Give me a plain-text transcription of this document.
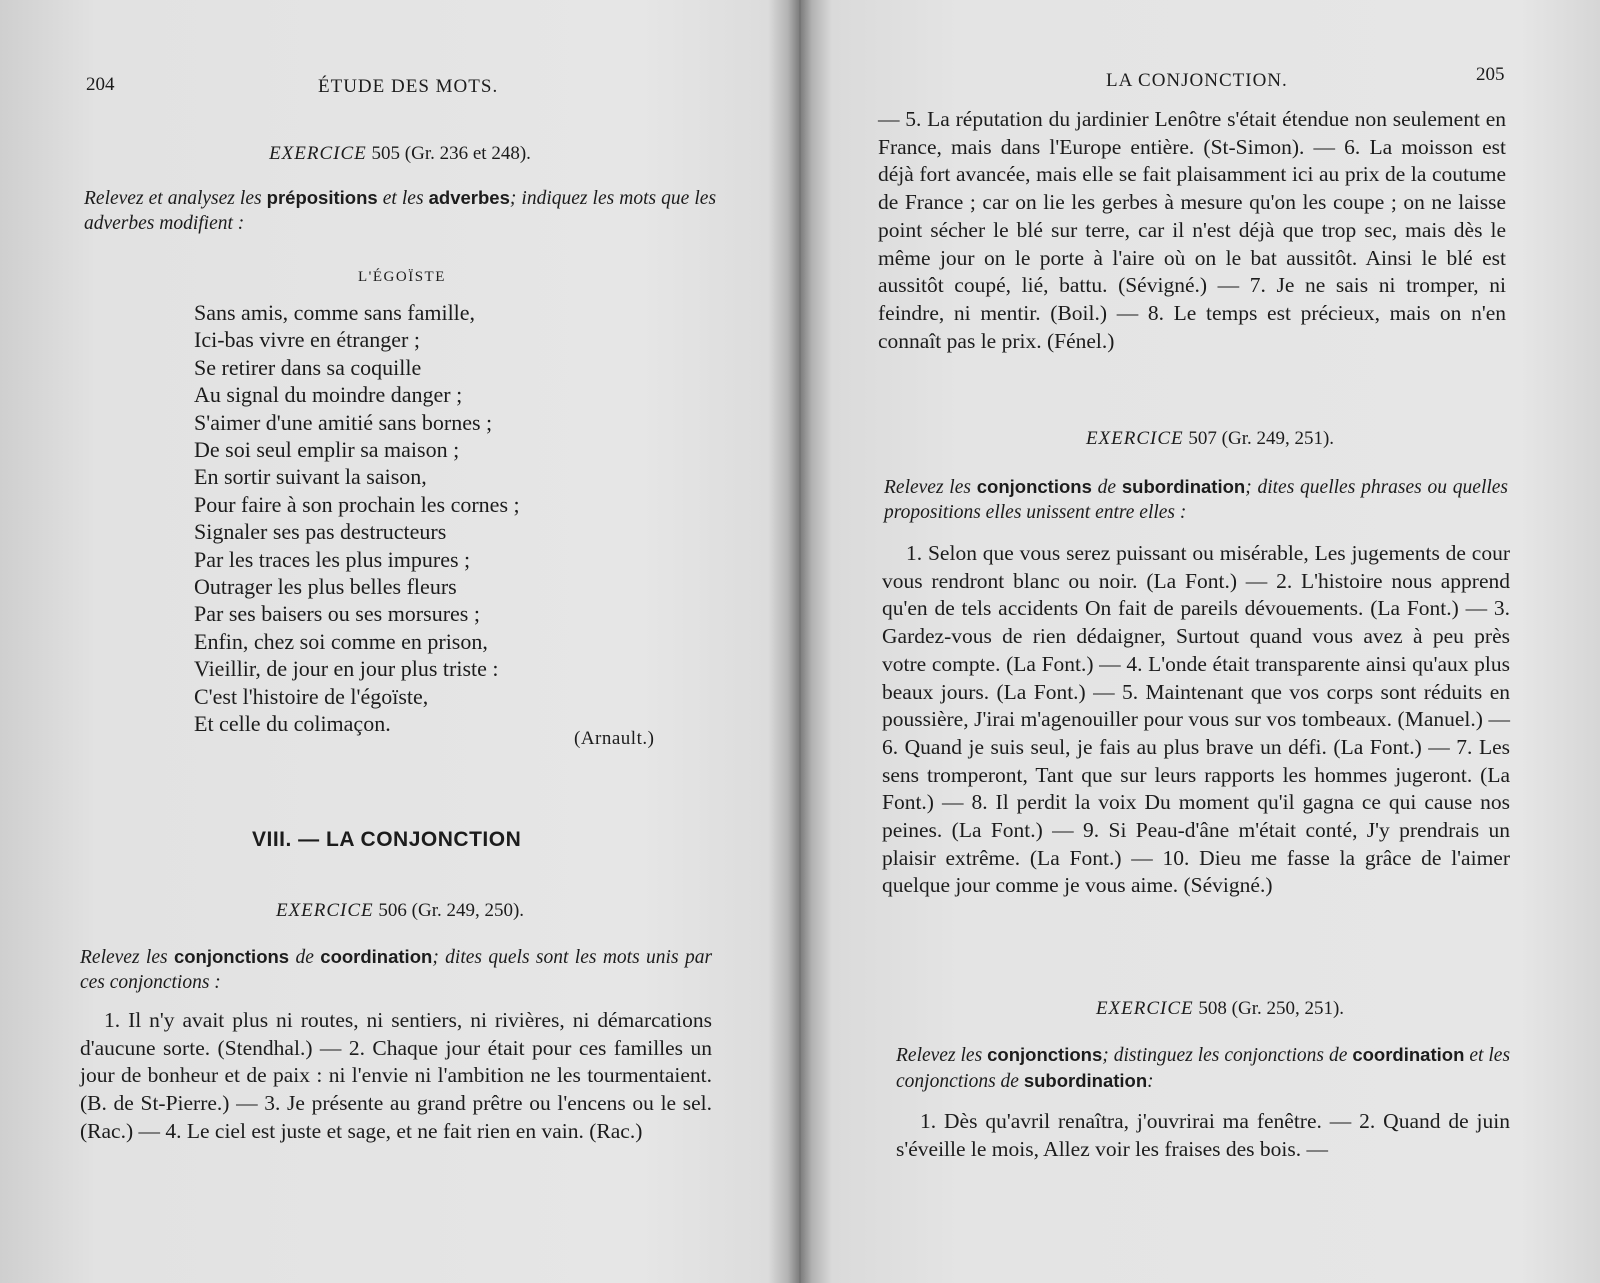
204	ÉTUDE DES MOTS.
EXERCICE 505 (Gr. 236 et 248).
Relevez et analysez les prépositions et les adverbes; indiquez les mots que les adverbes modifient :
L'ÉGOÏSTE
Sans amis, comme sans famille,
Ici-bas vivre en étranger ;
Se retirer dans sa coquille
Au signal du moindre danger ;
S'aimer d'une amitié sans bornes ;
De soi seul emplir sa maison ;
En sortir suivant la saison,
Pour faire à son prochain les cornes ;
Signaler ses pas destructeurs
Par les traces les plus impures ;
Outrager les plus belles fleurs
Par ses baisers ou ses morsures ;
Enfin, chez soi comme en prison,
Vieillir, de jour en jour plus triste :
C'est l'histoire de l'égoïste,
Et celle du colimaçon.
(Arnault.)
VIII. — LA CONJONCTION
EXERCICE 506 (Gr. 249, 250).
Relevez les conjonctions de coordination; dites quels sont les mots unis par ces conjonctions :
1. Il n'y avait plus ni routes, ni sentiers, ni rivières, ni démarcations d'aucune sorte. (Stendhal.) — 2. Chaque jour était pour ces familles un jour de bonheur et de paix : ni l'envie ni l'ambition ne les tourmentaient. (B. de St-Pierre.) — 3. Je présente au grand prêtre ou l'encens ou le sel. (Rac.) — 4. Le ciel est juste et sage, et ne fait rien en vain. (Rac.)
LA CONJONCTION.	205
— 5. La réputation du jardinier Lenôtre s'était étendue non seulement en France, mais dans l'Europe entière. (St-Simon). — 6. La moisson est déjà fort avancée, mais elle se fait plaisamment ici au prix de la coutume de France ; car on lie les gerbes à mesure qu'on les coupe ; on ne laisse point sécher le blé sur terre, car il n'est déjà que trop sec, mais dès le même jour on le porte à l'aire où on le bat aussitôt. Ainsi le blé est aussitôt coupé, lié, battu. (Sévigné.) — 7. Je ne sais ni tromper, ni feindre, ni mentir. (Boil.) — 8. Le temps est précieux, mais on n'en connaît pas le prix. (Fénel.)
EXERCICE 507 (Gr. 249, 251).
Relevez les conjonctions de subordination; dites quelles phrases ou quelles propositions elles unissent entre elles :
1. Selon que vous serez puissant ou misérable, Les jugements de cour vous rendront blanc ou noir. (La Font.) — 2. L'histoire nous apprend qu'en de tels accidents On fait de pareils dévouements. (La Font.) — 3. Gardez-vous de rien dédaigner, Surtout quand vous avez à peu près votre compte. (La Font.) — 4. L'onde était transparente ainsi qu'aux plus beaux jours. (La Font.) — 5. Maintenant que vos corps sont réduits en poussière, J'irai m'agenouiller pour vous sur vos tombeaux. (Manuel.) — 6. Quand je suis seul, je fais au plus brave un défi. (La Font.) — 7. Les sens tromperont, Tant que sur leurs rapports les hommes jugeront. (La Font.) — 8. Il perdit la voix Du moment qu'il gagna ce qui cause nos peines. (La Font.) — 9. Si Peau-d'âne m'était conté, J'y prendrais un plaisir extrême. (La Font.) — 10. Dieu me fasse la grâce de l'aimer quelque jour comme je vous aime. (Sévigné.)
EXERCICE 508 (Gr. 250, 251).
Relevez les conjonctions; distinguez les conjonctions de coordination et les conjonctions de subordination:
1. Dès qu'avril renaîtra, j'ouvrirai ma fenêtre. — 2. Quand de juin s'éveille le mois, Allez voir les fraises des bois. —
